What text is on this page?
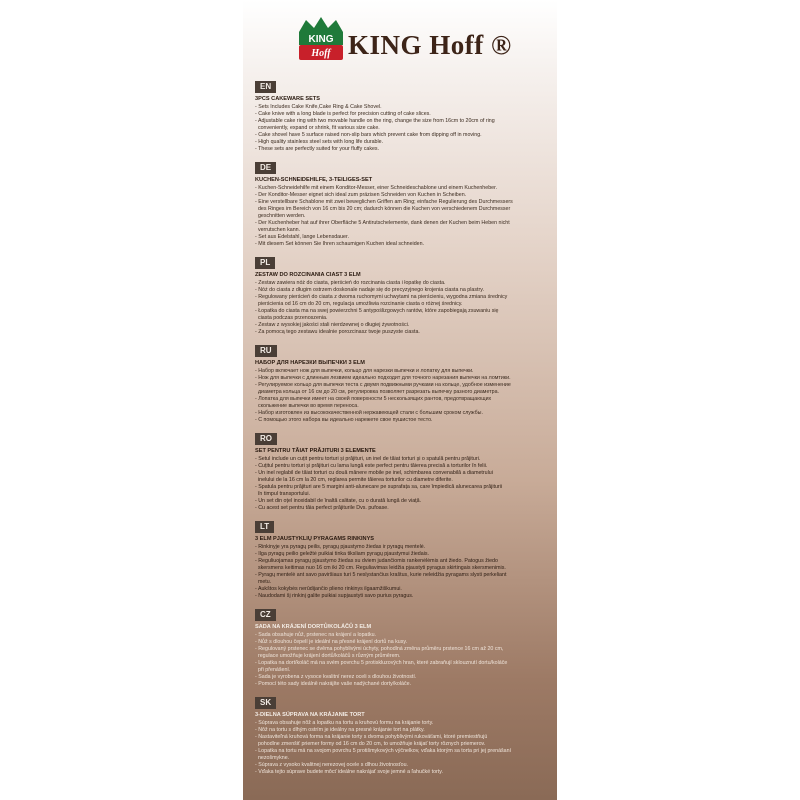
KING
Hoff KING Hoff ®
EN
3PCS CAKEWARE SETS
- Sets Includes Cake Knife,Cake Ring & Cake Shovel.
- Cake knive with a long blade is perfect for precision cutting of cake slices.
- Adjustable cake ring with two movable handle on the ring, change the size from 16cm to 20cm of ring
conveniently, expand or shrink, fit various size cake.
- Cake shovel have 5 surface raised non-slip bars which prevent cake from dipping off in moving.
- High quality stainless steel sets with long life durable.
- These sets are perfectly suited for your fluffy cakes.
DE
KUCHEN-SCHNEIDEHILFE, 3-TEILIGES-SET
- Kuchen-Schneidehilfe mit einem Konditor-Messer, einer Schneideschablone und einem Kuchenheber.
- Der Konditor-Messer eignet sich ideal zum präzisen Schneiden von Kuchen in Scheiben.
- Eine verstellbare Schablone mit zwei beweglichen Griffen am Ring; einfache Regulierung des Durchmessers
des Ringes im Bereich von 16 cm bis 20 cm; dadurch können die Kuchen von verschiedenem Durchmesser
geschnitten werden.
- Der Kuchenheber hat auf ihrer Oberfläche 5 Antirutschelemente, dank denen der Kuchen beim Heben nicht
verrutschen kann.
- Set aus Edelstahl, lange Lebensdauer.
- Mit diesem Set können Sie Ihren schaumigen Kuchen ideal schneiden.
PL
ZESTAW DO ROZCINANIA CIAST 3 ELM
- Zestaw zawiera nóż do ciasta, pierścień do rozcinania ciasta i łopatkę do ciasta.
- Nóż do ciasta z długim ostrzem doskonale nadaje się do precyzyjnego krojenia ciasta na plastry.
- Regulowany pierścień do ciasta z dwoma ruchomymi uchwytami na pierścieniu, wygodna zmiana średnicy
pierścienia od 16 cm do 20 cm, regulacja umożliwia rozcinanie ciasta o różnej średnicy.
- Łopatka do ciasta ma na swej powierzchni 5 antypoślizgowych rantów, które zapobiegają zsuwaniu się
ciasta podczas przenoszenia.
- Zestaw z wysokiej jakości stali nierdzewnej o długiej żywotności.
- Za pomocą tego zestawu idealnie porozcinasz twoje puszyste ciasta.
RU
НАБОР ДЛЯ НАРЕЗКИ ВЫПЕЧКИ 3 ELM
- Набор включает нож для выпечки, кольцо для нарезки выпечки и лопатку для выпечки.
- Нож для выпечки с длинным лезвием идеально подходит для точного нарезания выпечки на ломтики.
- Регулируемое кольцо для выпечки теста с двумя подвижными ручками на кольце, удобное изменение
диаметра кольца от 16 см до 20 см, регулировка позволяет разрезать выпечку разного диаметра.
- Лопатка для выпечки имеет на своей поверхности 5 нескользящих рантов, предотвращающих
скольжение выпечки во время переноса.
- Набор изготовлен из высококачественной нержавеющей стали с большим сроком службы.
- С помощью этого набора вы идеально нарежете свое пушистое тесто.
RO
SET PENTRU TĂIAT PRĂJITURI 3 ELEMENTE
- Setul include un cuțit pentru torturi și prăjituri, un inel de tăiat torturi și o spatulă pentru prăjituri.
- Cuțitul pentru torturi și prăjituri cu lama lungă este perfect pentru tăierea precisă a torturilor în felii.
- Un inel reglabil de tăiat torturi cu două mânere mobile pe inel, schimbarea convenabilă a diametrului
inelului de la 16 cm la 20 cm, reglarea permite tăierea torturilor cu diametre diferite.
- Spatula pentru prăjituri are 5 margini anti-alunecare pe suprafața sa, care împiedică alunecarea prăjiturii
în timpul transportului.
- Un set din oțel inoxidabil de înaltă calitate, cu o durată lungă de viață.
- Cu acest set pentru tăia perfect prăjiturile Dvs. pufoase.
LT
3 ELM PJAUSTYKLIŲ PYRAGAMS RINKINYS
- Rinkinyje yra pyragų peilis, pyragų pjaustymo žiedas ir pyragų mentelė.
- Ilga pyragų peilio geležtė puikiai tinka tiksliam pyragų pjaustymui žiedais.
- Reguliuojamas pyragų pjaustymo žiedas su dviem judančiomis rankenėlėmis ant žiedo. Patogus žiedo
skersmens keitimas nuo 16 cm iki 20 cm. Reguliavimas leidžia pjaustyti pyragus skirtingais skersmenimis.
- Pyragų mentelė ant savo paviršiaus turi 5 neslystančius kraštus, kurie neleidžia pyragams slysti perkeliant
metu.
- Aukštos kokybės nerūdijančio plieno rinkinys ilgaamžiškumui.
- Naudodami šį rinkinį galite puikiai supjaustyti savo purius pyragus.
CZ
SADA NA KRÁJENÍ DORTŮ/KOLÁČŮ 3 ELM
- Sada obsahuje nůž, prstenec na krájení a lopatku.
- Nůž s dlouhou čepelí je ideální na přesné krájení dortů na kusy.
- Regulovaný prstenec se dvěma pohyblivými úchyty, pohodlná změna průměru prstence 16 cm až 20 cm,
regulace umožňuje krájení dortů/koláčů s různým průměrem.
- Lopatka na dort/koláč má na svém povrchu 5 protiskluzových hran, které zabraňují sklouznutí dortu/koláče
při přenášení.
- Sada je vyrobena z vysoce kvalitní nerez oceli s dlouhou životností.
- Pomocí této sady ideálně nakrájíte vaše nadýchané dorty/koláče.
SK
3-DIELNA SÚPRAVA NA KRÁJANIE TORT
- Súprava obsahuje nôž a lopatku na tortu a kruhovú formu na krájanie torty.
- Nôž na tortu s dlhým ostrím je ideálny na presné krájanie tort na plátky.
- Nastaviteľná kruhová forma na krájanie torty s dvoma pohyblivými rukoväťami, ktoré premiestňujú
pohodlne zmenšiť priemer formy od 16 cm do 20 cm, to umožňuje krájať torty rôznych priemerov.
- Lopatka na tortu má na svojom povrchu 5 protišmykových výčnelkov, vďaka ktorým sa torta pri jej prenášaní
nezošmykne.
- Súprava z vysoko kvalitnej nerezovej ocele s dlhou životnosťou.
- Vďaka tejto súprave budete môcť ideálne nakrájať svoje jemné a ľahučké torty.
